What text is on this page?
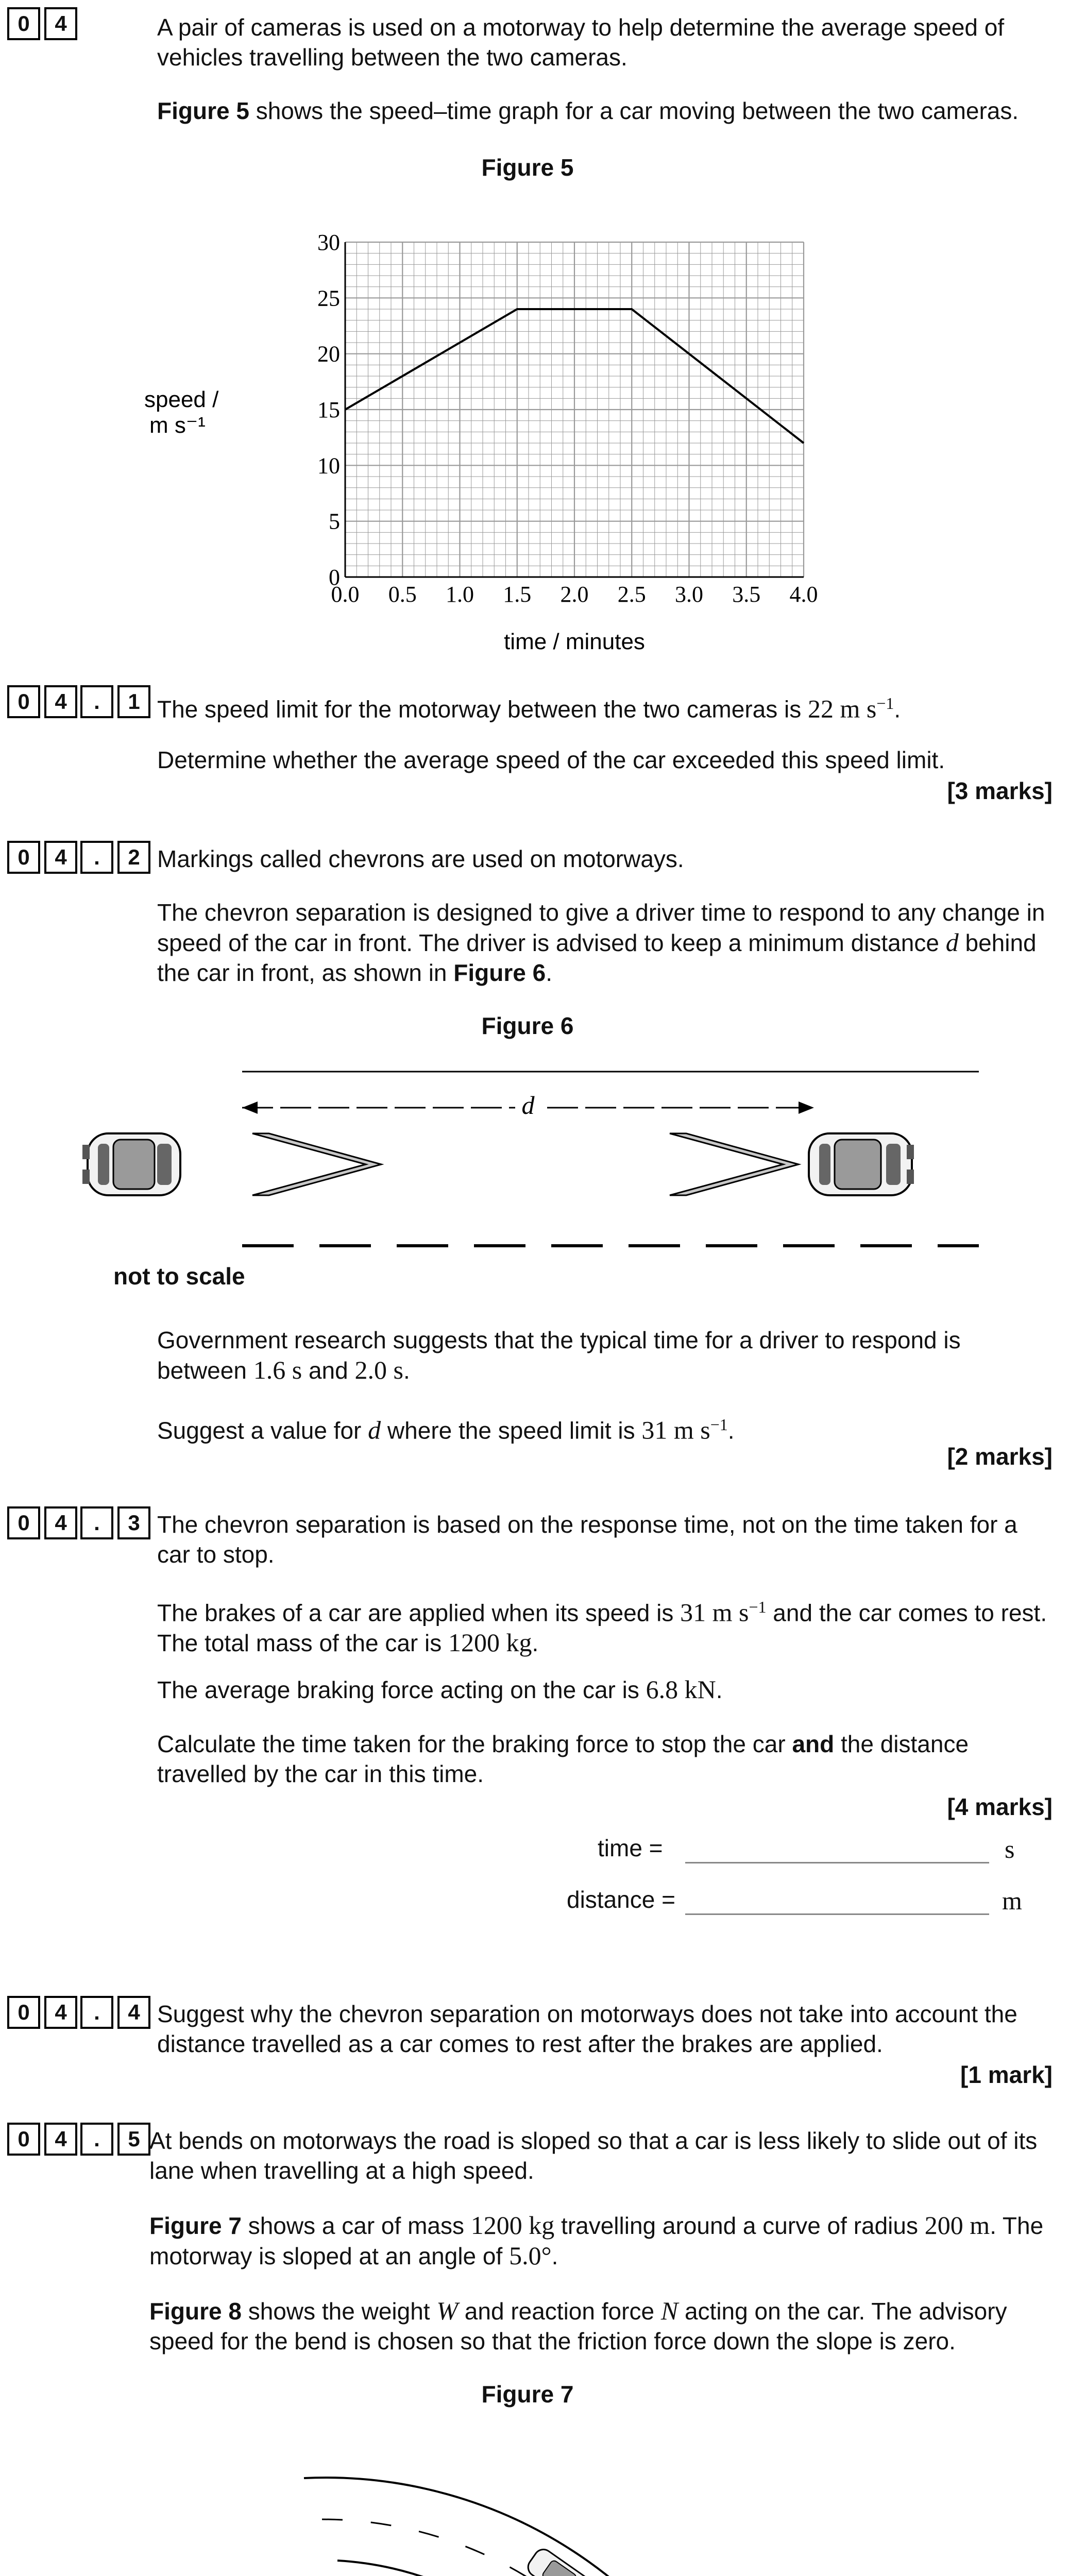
0	4	A pair of cameras is used on a motorway to help determine the average speed of vehicles travelling between the two cameras.
Figure 5 shows the speed–time graph for a car moving between the two cameras.
Figure 5
0.0 0.5 1.0 1.5 2.0 2.5 3.0 3.5 4.0
0
5
10
15
20
25
30
speed /
m s⁻¹
time / minutes
0	4	.	1 The speed limit for the motorway between the two cameras is 22 m $s^{-1}$.
Determine whether the average speed of the car exceeded this speed limit.
[3 marks]
0	4	.	2 Markings called chevrons are used on motorways.
The chevron separation is designed to give a driver time to respond to any change in speed of the car in front. The driver is advised to keep a minimum distance d behind the car in front, as shown in Figure 6.
Figure 6
d
not to scale
Government research suggests that the typical time for a driver to respond is between 1.6 s and 2.0 s.
Suggest a value for d where the speed limit is 31 m $s^{-1}$.
[2 marks]
0	4	.	3 The chevron separation is based on the response time, not on the time taken for a car to stop.
The brakes of a car are applied when its speed is 31 m $s^{-1}$ and the car comes to rest. The total mass of the car is 1200 kg.
The average braking force acting on the car is 6.8 kN.
Calculate the time taken for the braking force to stop the car and the distance travelled by the car in this time.
[4 marks]
time =	s
distance =	m
0	4	.	4 Suggest why the chevron separation on motorways does not take into account the distance travelled as a car comes to rest after the brakes are applied.
[1 mark]
0	4	.	5 At bends on motorways the road is sloped so that a car is less likely to slide out of its lane when travelling at a high speed.
Figure 7 shows a car of mass 1200 kg travelling around a curve of radius 200 m. The motorway is sloped at an angle of 5.0°.
Figure 8 shows the weight W and reaction force N acting on the car. The advisory speed for the bend is chosen so that the friction force down the slope is zero.
Figure 7
